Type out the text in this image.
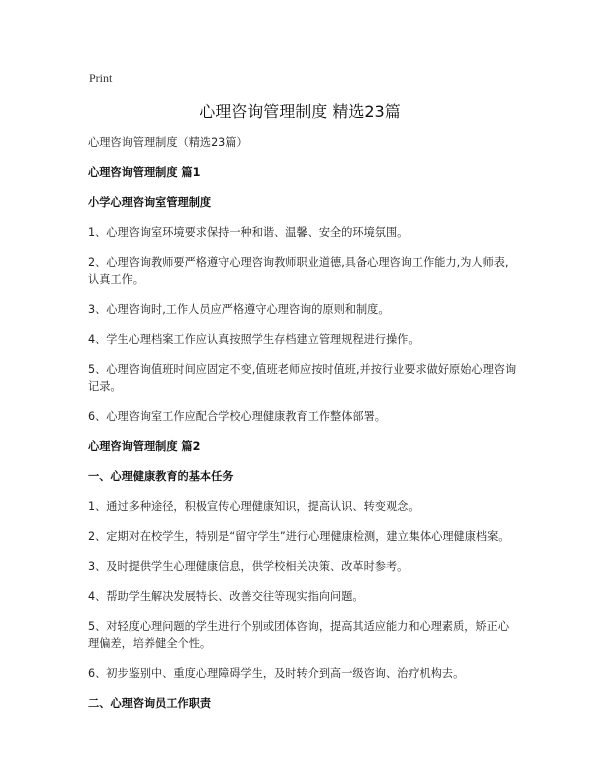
Print
心理咨询管理制度 精选23篇

心理咨询管理制度（精选23篇）

心理咨询管理制度 篇1

小学心理咨询室管理制度

1、心理咨询室环境要求保持一种和谐、温馨、安全的环境氛围。

2、心理咨询教师要严格遵守心理咨询教师职业道德,具备心理咨询工作能力,为人师表,认真工作。

3、心理咨询时,工作人员应严格遵守心理咨询的原则和制度。

4、学生心理档案工作应认真按照学生存档建立管理规程进行操作。

5、心理咨询值班时间应固定不变,值班老师应按时值班,并按行业要求做好原始心理咨询记录。

6、心理咨询室工作应配合学校心理健康教育工作整体部署。

心理咨询管理制度 篇2

一、心理健康教育的基本任务

1、通过多种途径，积极宣传心理健康知识，提高认识、转变观念。

2、定期对在校学生，特别是“留守学生”进行心理健康检测，建立集体心理健康档案。

3、及时提供学生心理健康信息，供学校相关决策、改革时参考。

4、帮助学生解决发展特长、改善交往等现实指向问题。

5、对轻度心理问题的学生进行个别或团体咨询，提高其适应能力和心理素质，矫正心理偏差，培养健全个性。

6、初步鉴别中、重度心理障碍学生，及时转介到高一级咨询、治疗机构去。

二、心理咨询员工作职责
